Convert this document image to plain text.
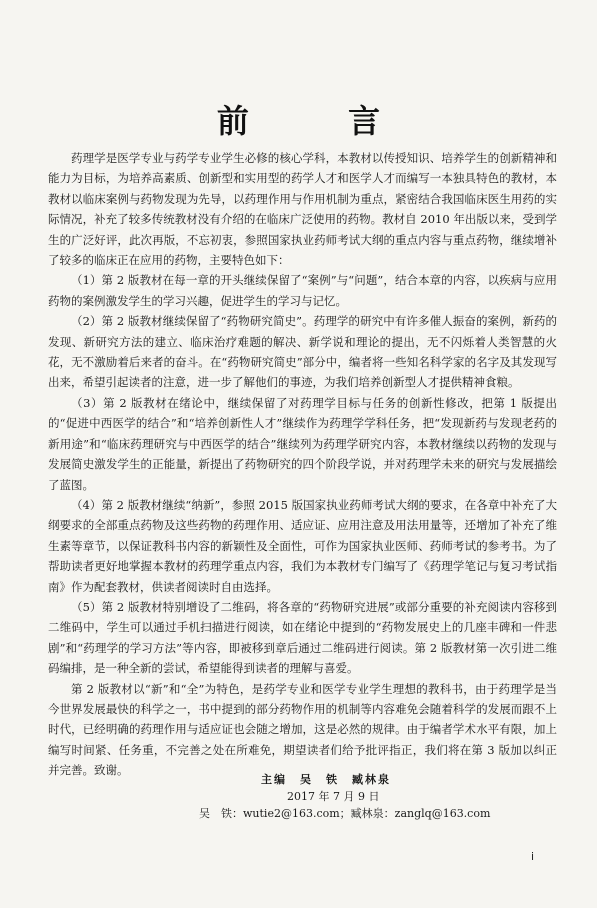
前 言

药理学是医学专业与药学专业学生必修的核心学科，本教材以传授知识、培养学生的创新精神和能力为目标，为培养高素质、创新型和实用型的药学人才和医学人才而编写一本独具特色的教材，本教材以临床案例与药物发现为先导，以药理作用与作用机制为重点，紧密结合我国临床医生用药的实际情况，补充了较多传统教材没有介绍的在临床广泛使用的药物。教材自 2010 年出版以来，受到学生的广泛好评，此次再版，不忘初衷，参照国家执业药师考试大纲的重点内容与重点药物，继续增补了较多的临床正在应用的药物，主要特色如下：

（1）第 2 版教材在每一章的开头继续保留了“案例”与“问题”，结合本章的内容，以疾病与应用药物的案例激发学生的学习兴趣，促进学生的学习与记忆。

（2）第 2 版教材继续保留了“药物研究简史”。药理学的研究中有许多催人振奋的案例，新药的发现、新研究方法的建立、临床治疗难题的解决、新学说和理论的提出，无不闪烁着人类智慧的火花，无不激励着后来者的奋斗。在“药物研究简史”部分中，编者将一些知名科学家的名字及其发现写出来，希望引起读者的注意，进一步了解他们的事迹，为我们培养创新型人才提供精神食粮。

（3）第 2 版教材在绪论中，继续保留了对药理学目标与任务的创新性修改，把第 1 版提出的“促进中西医学的结合”和“培养创新性人才”继续作为药理学学科任务，把“发现新药与发现老药的新用途”和“临床药理研究与中西医学的结合”继续列为药理学研究内容，本教材继续以药物的发现与发展简史激发学生的正能量，新提出了药物研究的四个阶段学说，并对药理学未来的研究与发展描绘了蓝图。

（4）第 2 版教材继续“纳新”，参照 2015 版国家执业药师考试大纲的要求，在各章中补充了大纲要求的全部重点药物及这些药物的药理作用、适应证、应用注意及用法用量等，还增加了补充了维生素等章节，以保证教科书内容的新颖性及全面性，可作为国家执业医师、药师考试的参考书。为了帮助读者更好地掌握本教材的药理学重点内容，我们为本教材专门编写了《药理学笔记与复习考试指南》作为配套教材，供读者阅读时自由选择。

（5）第 2 版教材特别增设了二维码，将各章的“药物研究进展”或部分重要的补充阅读内容移到二维码中，学生可以通过手机扫描进行阅读，如在绪论中提到的“药物发展史上的几座丰碑和一件悲剧”和“药理学的学习方法”等内容，即被移到章后通过二维码进行阅读。第 2 版教材第一次引进二维码编排，是一种全新的尝试，希望能得到读者的理解与喜爱。

第 2 版教材以“新”和“全”为特色，是药学专业和医学专业学生理想的教科书，由于药理学是当今世界发展最快的科学之一，书中提到的部分药物作用的机制等内容难免会随着科学的发展而跟不上时代，已经明确的药理作用与适应证也会随之增加，这是必然的规律。由于编者学术水平有限，加上编写时间紧、任务重，不完善之处在所难免，期望读者们给予批评指正，我们将在第 3 版加以纠正并完善。致谢。

主编　吴　铁　臧林泉
2017 年 7 月 9 日
吴　铁：wutie2@163.com；臧林泉：zanglq@163.com
i
